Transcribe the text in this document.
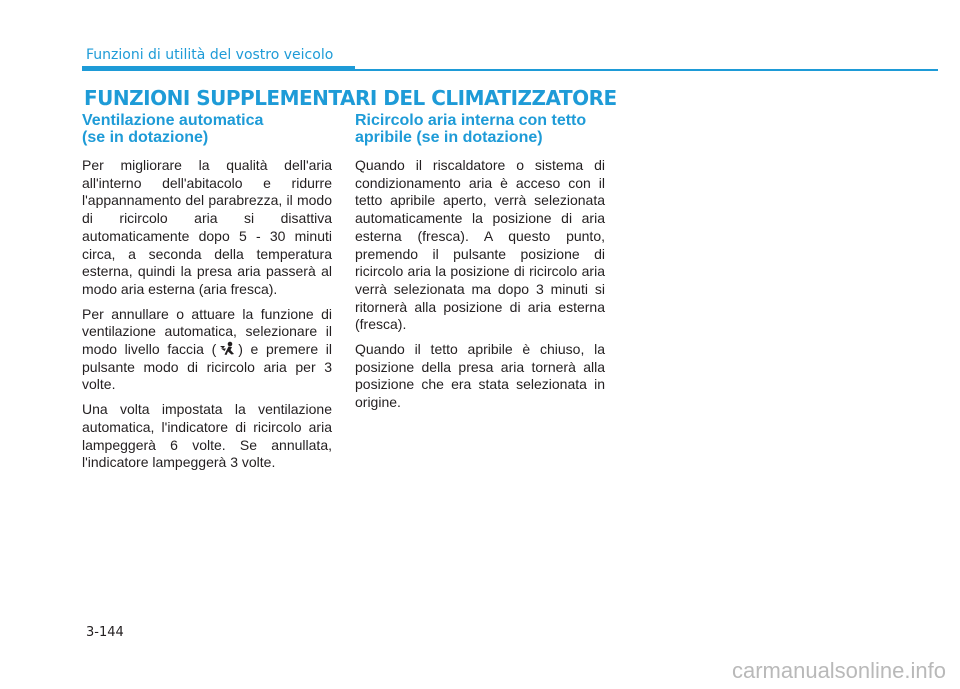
Funzioni di utilità del vostro veicolo
FUNZIONI SUPPLEMENTARI DEL CLIMATIZZATORE
Ventilazione automatica
(se in dotazione)

Per migliorare la qualità dell'aria all'interno dell'abitacolo e ridurre l'appannamento del parabrezza, il modo di ricircolo aria si disattiva automaticamente dopo 5 - 30 minuti circa, a seconda della temperatura esterna, quindi la presa aria passerà al modo aria esterna (aria fresca).

Per annullare o attuare la funzione di ventilazione automatica, selezionare il modo livello faccia ( ) e premere il pulsante modo di ricircolo aria per 3 volte.

Una volta impostata la ventilazione automatica, l'indicatore di ricircolo aria lampeggerà 6 volte. Se annullata, l'indicatore lampeggerà 3 volte.

Ricircolo aria interna con tetto
apribile (se in dotazione)

Quando il riscaldatore o sistema di condizionamento aria è acceso con il tetto apribile aperto, verrà selezionata automaticamente la posizione di aria esterna (fresca). A questo punto, premendo il pulsante posizione di ricircolo aria la posizione di ricircolo aria verrà selezionata ma dopo 3 minuti si ritornerà alla posizione di aria esterna (fresca).

Quando il tetto apribile è chiuso, la posizione della presa aria tornerà alla posizione che era stata selezionata in origine.

3-144
carmanualsonline.info
